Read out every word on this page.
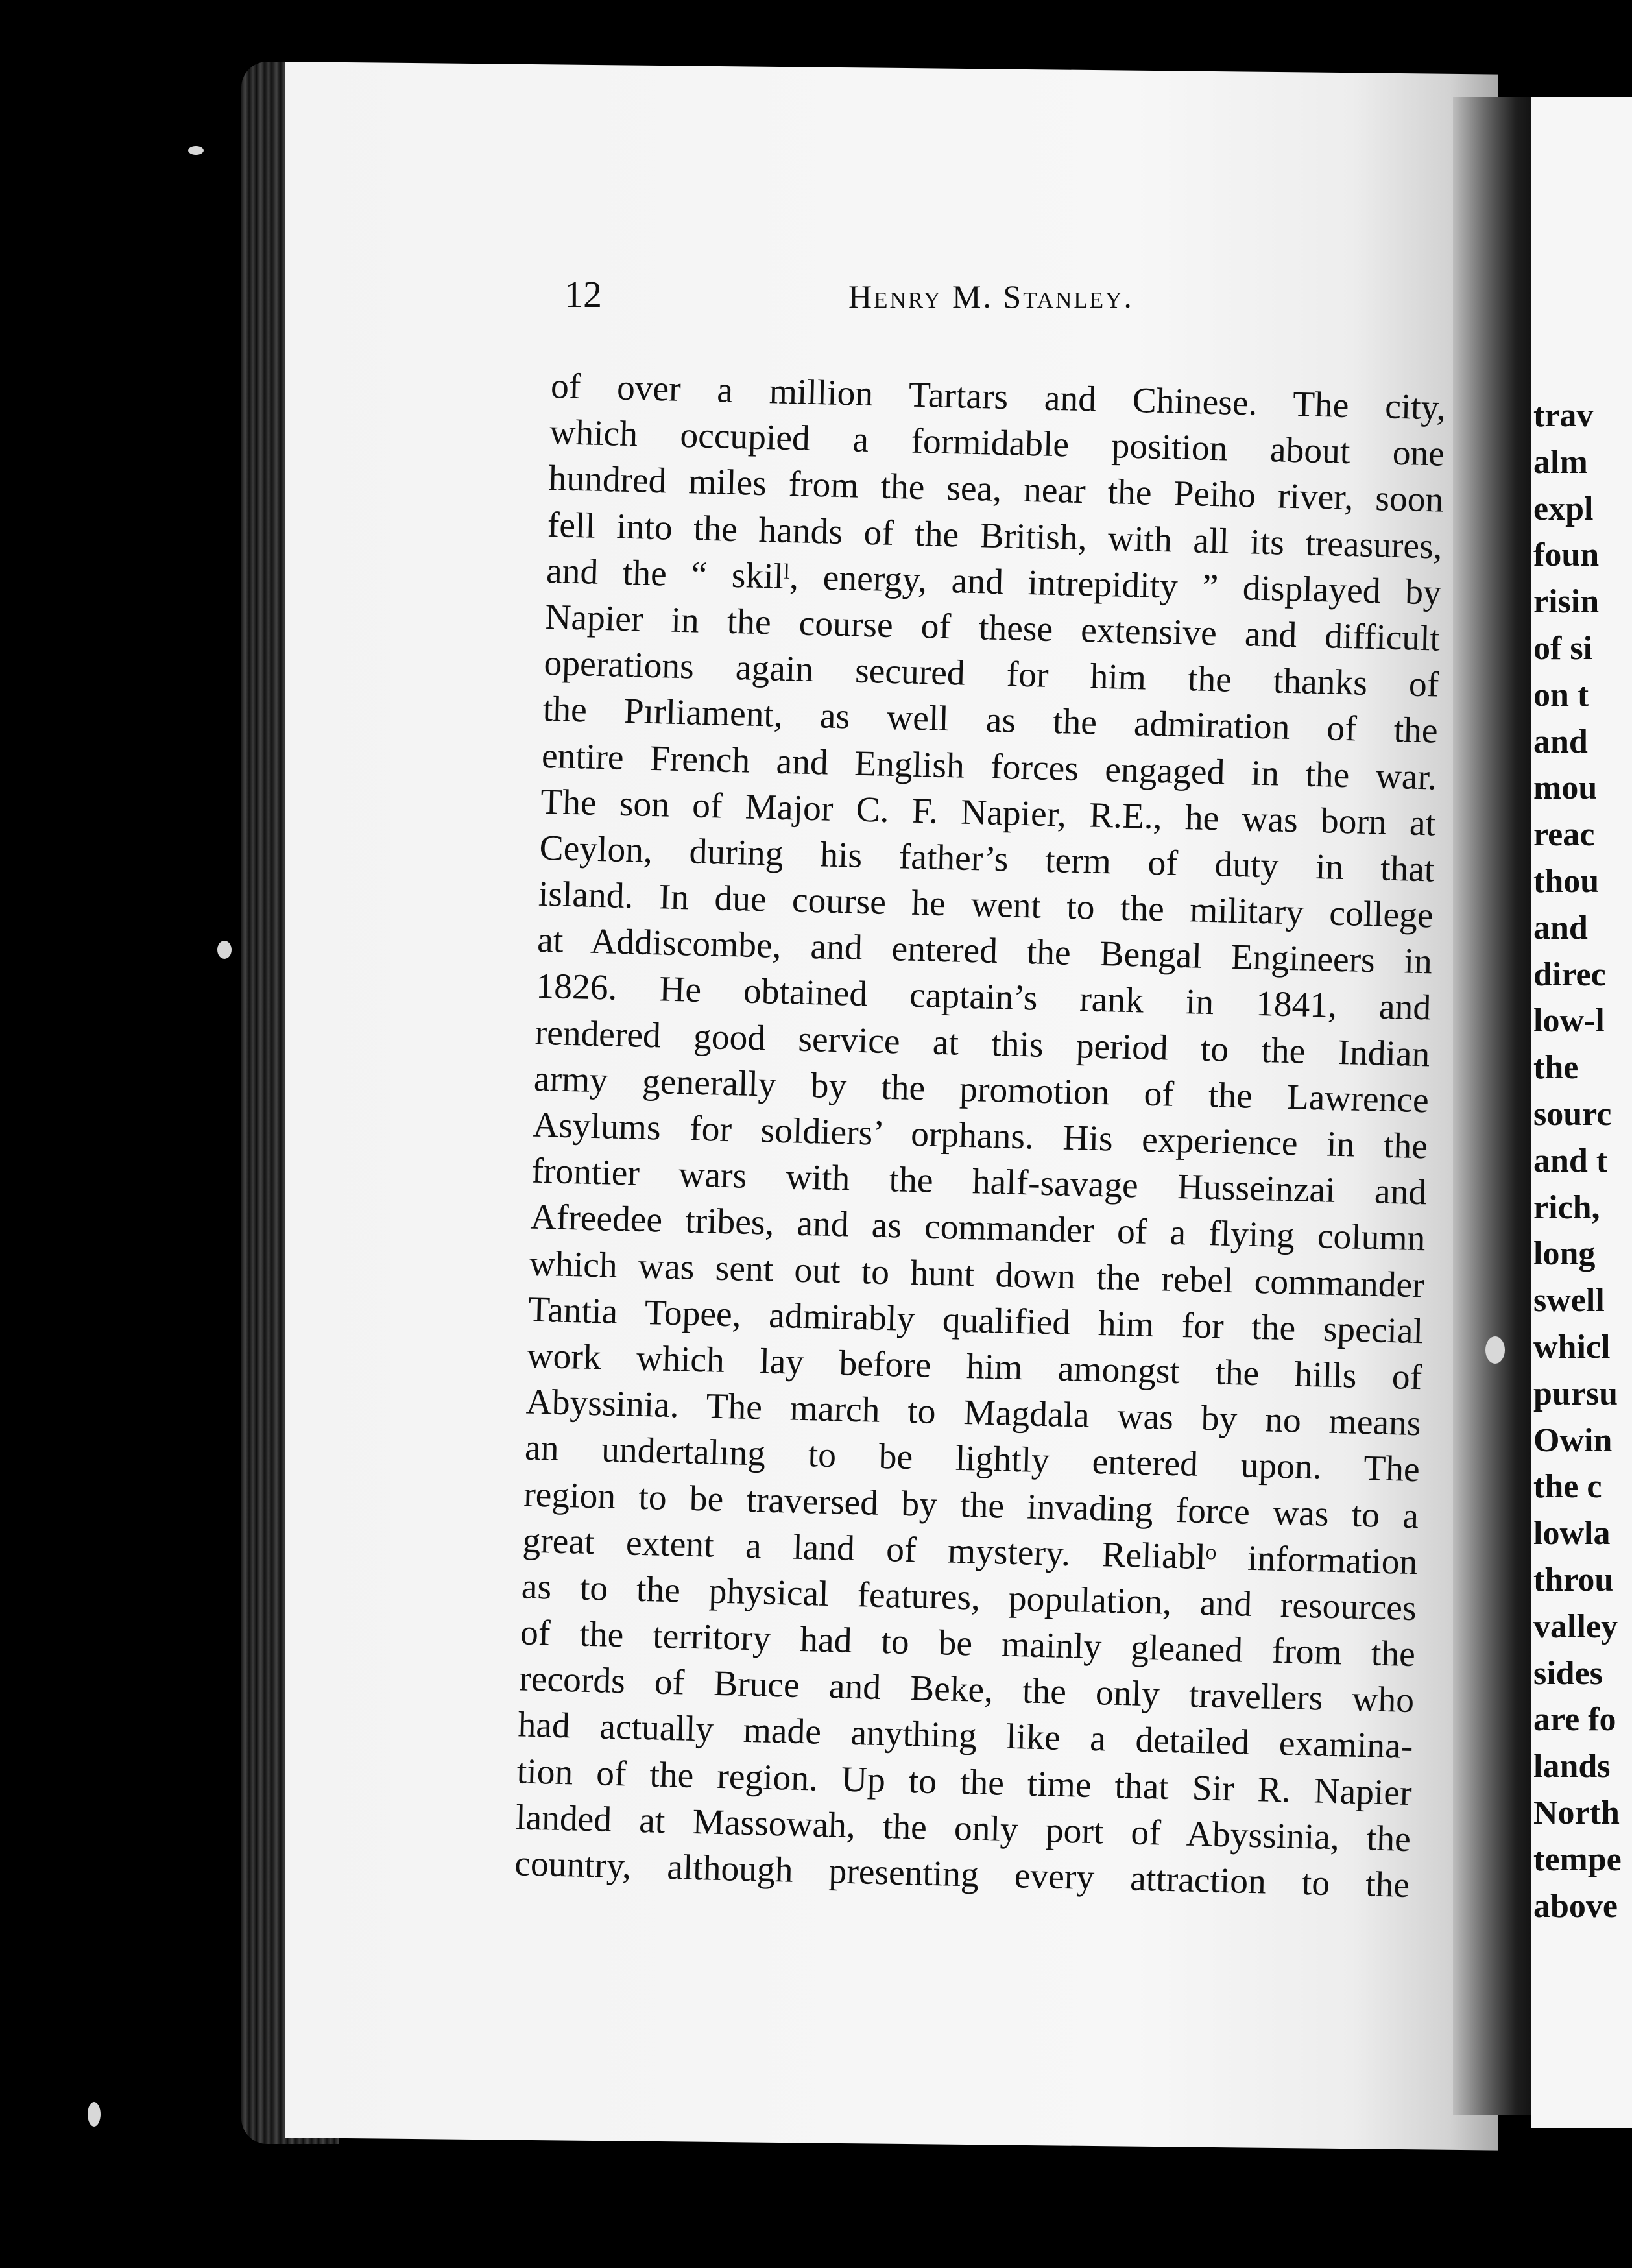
12	Henry M. Stanley.
of over a million Tartars and Chinese. The city,
which occupied a formidable position about one
hundred miles from the sea, near the Peiho river, soon
fell into the hands of the British, with all its treasures,
and the “ skilˡ, energy, and intrepidity ” displayed by
Napier in the course of these extensive and difficult
operations again secured for him the thanks of
the Pırliament, as well as the admiration of the
entire French and English forces engaged in the war.
The son of Major C. F. Napier, R.E., he was born at
Ceylon, during his father’s term of duty in that
island. In due course he went to the military college
at Addiscombe, and entered the Bengal Engineers in
1826. He obtained captain’s rank in 1841, and
rendered good service at this period to the Indian
army generally by the promotion of the Lawrence
Asylums for soldiers’ orphans. His experience in the
frontier wars with the half-savage Husseinzai and
Afreedee tribes, and as commander of a flying column
which was sent out to hunt down the rebel commander
Tantia Topee, admirably qualified him for the special
work which lay before him amongst the hills of
Abyssinia. The march to Magdala was by no means
an undertalıng to be lightly entered upon. The
region to be traversed by the invading force was to a
great extent a land of mystery. Reliablᵒ information
as to the physical features, population, and resources
of the territory had to be mainly gleaned from the
records of Bruce and Beke, the only travellers who
had actually made anything like a detailed examina-
tion of the region. Up to the time that Sir R. Napier
landed at Massowah, the only port of Abyssinia, the
country, although presenting every attraction to the
trav
alm
expl
foun
risin
of si
on t
and
mou
reac
thou
and
direc
low-l
the
sourc
and t
rich,
long
swell
whicl
pursu
Owin
the c
lowla
throu
valley
sides
are fo
lands
North
tempe
above
